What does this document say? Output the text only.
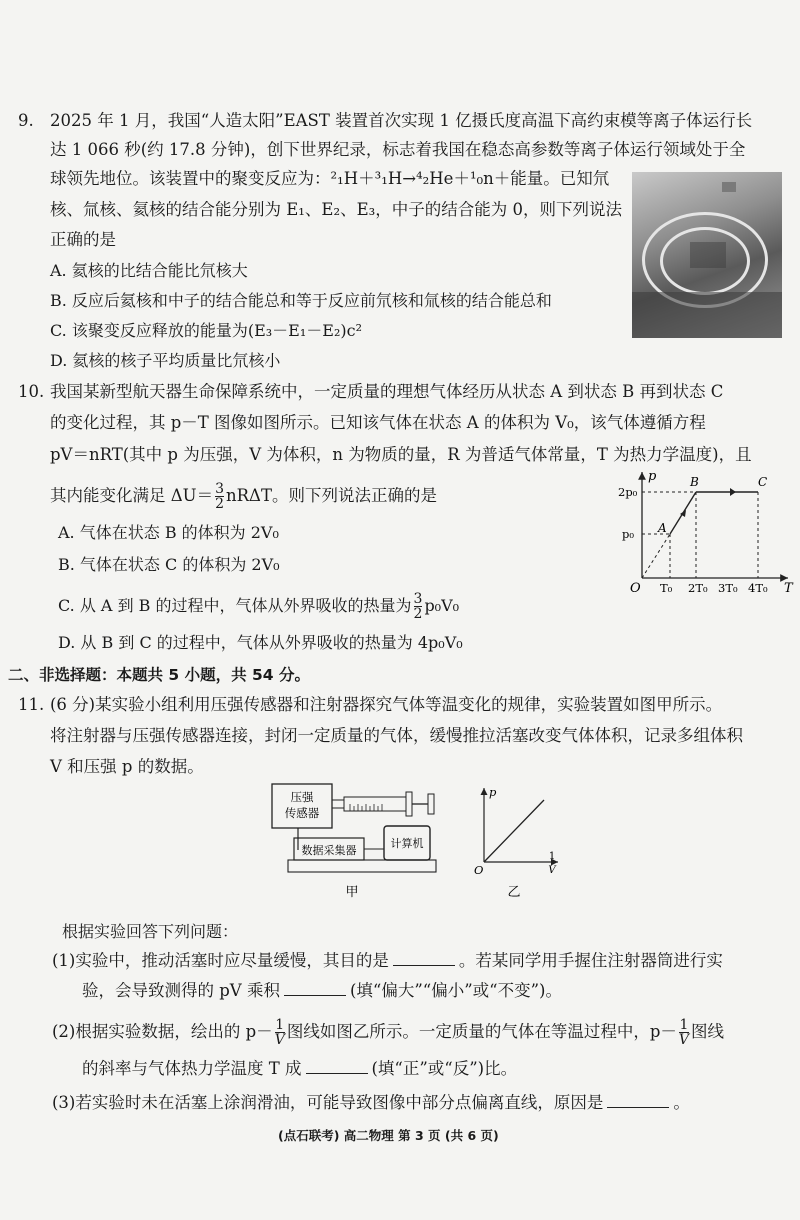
9. 2025 年 1 月，我国“人造太阳”EAST 装置首次实现 1 亿摄氏度高温下高约束模等离子体运行长
达 1 066 秒(约 17.8 分钟)，创下世界纪录，标志着我国在稳态高参数等离子体运行领域处于全
球领先地位。该装置中的聚变反应为：²₁H＋³₁H→⁴₂He＋¹₀n＋能量。已知氘
核、氚核、氦核的结合能分别为 E₁、E₂、E₃，中子的结合能为 0，则下列说法
正确的是
A. 氦核的比结合能比氘核大
B. 反应后氦核和中子的结合能总和等于反应前氘核和氚核的结合能总和
C. 该聚变反应释放的能量为(E₃－E₁－E₂)c²
D. 氦核的核子平均质量比氘核小
10. 我国某新型航天器生命保障系统中，一定质量的理想气体经历从状态 A 到状态 B 再到状态 C
的变化过程，其 p－T 图像如图所示。已知该气体在状态 A 的体积为 V₀，该气体遵循方程
pV＝nRT(其中 p 为压强，V 为体积，n 为物质的量，R 为普适气体常量，T 为热力学温度)，且
其内能变化满足 $\Delta U= \frac{3}{2}$ nRΔT。则下列说法正确的是
A. 气体在状态 B 的体积为 2V₀
B. 气体在状态 C 的体积为 2V₀
C. 从 A 到 B 的过程中，气体从外界吸收的热量为 $\frac{3}{2} p_0V_0$
D. 从 B 到 C 的过程中，气体从外界吸收的热量为 4p₀V₀
p
T
O
2p₀
p₀
T₀ 2T₀ 3T₀ 4T₀
A
B	C
二、非选择题：本题共 5 小题，共 54 分。
11. (6 分)某实验小组利用压强传感器和注射器探究气体等温变化的规律，实验装置如图甲所示。
将注射器与压强传感器连接，封闭一定质量的气体，缓慢推拉活塞改变气体体积，记录多组体积
V 和压强 p 的数据。
压强
传感器
数据采集器
计算机
甲
p
O
1
V
乙
根据实验回答下列问题：
(1)实验中，推动活塞时应尽量缓慢，其目的是	。若某同学用手握住注射器筒进行实
验，会导致测得的 pV 乘积	(填“偏大”“偏小”或“不变”)。
(2)根据实验数据，绘出的 $p- \frac{1}{V}$ 图线如图乙所示。一定质量的气体在等温过程中，$p- \frac{1}{V}$ 图线
的斜率与气体热力学温度 T 成	(填“正”或“反”)比。
(3)若实验时未在活塞上涂润滑油，可能导致图像中部分点偏离直线，原因是	。
(点石联考) 高二物理 第 3 页 (共 6 页)
